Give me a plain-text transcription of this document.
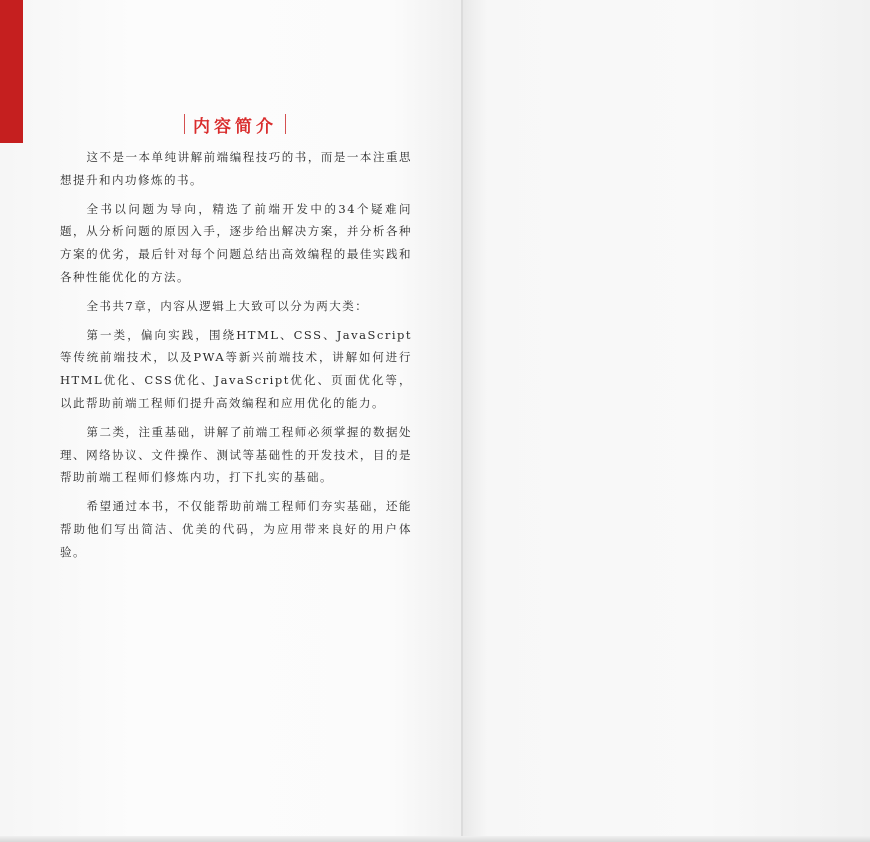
内容简介

这不是一本单纯讲解前端编程技巧的书，而是一本注重思想提升和内功修炼的书。

全书以问题为导向，精选了前端开发中的34个疑难问题，从分析问题的原因入手，逐步给出解决方案，并分析各种方案的优劣，最后针对每个问题总结出高效编程的最佳实践和各种性能优化的方法。

全书共7章，内容从逻辑上大致可以分为两大类：

第一类，偏向实践，围绕HTML、CSS、JavaScript等传统前端技术，以及PWA等新兴前端技术，讲解如何进行HTML优化、CSS优化、JavaScript优化、页面优化等，以此帮助前端工程师们提升高效编程和应用优化的能力。

第二类，注重基础，讲解了前端工程师必须掌握的数据处理、网络协议、文件操作、测试等基础性的开发技术，目的是帮助前端工程师们修炼内功，打下扎实的基础。

希望通过本书，不仅能帮助前端工程师们夯实基础，还能帮助他们写出简洁、优美的代码，为应用带来良好的用户体验。
